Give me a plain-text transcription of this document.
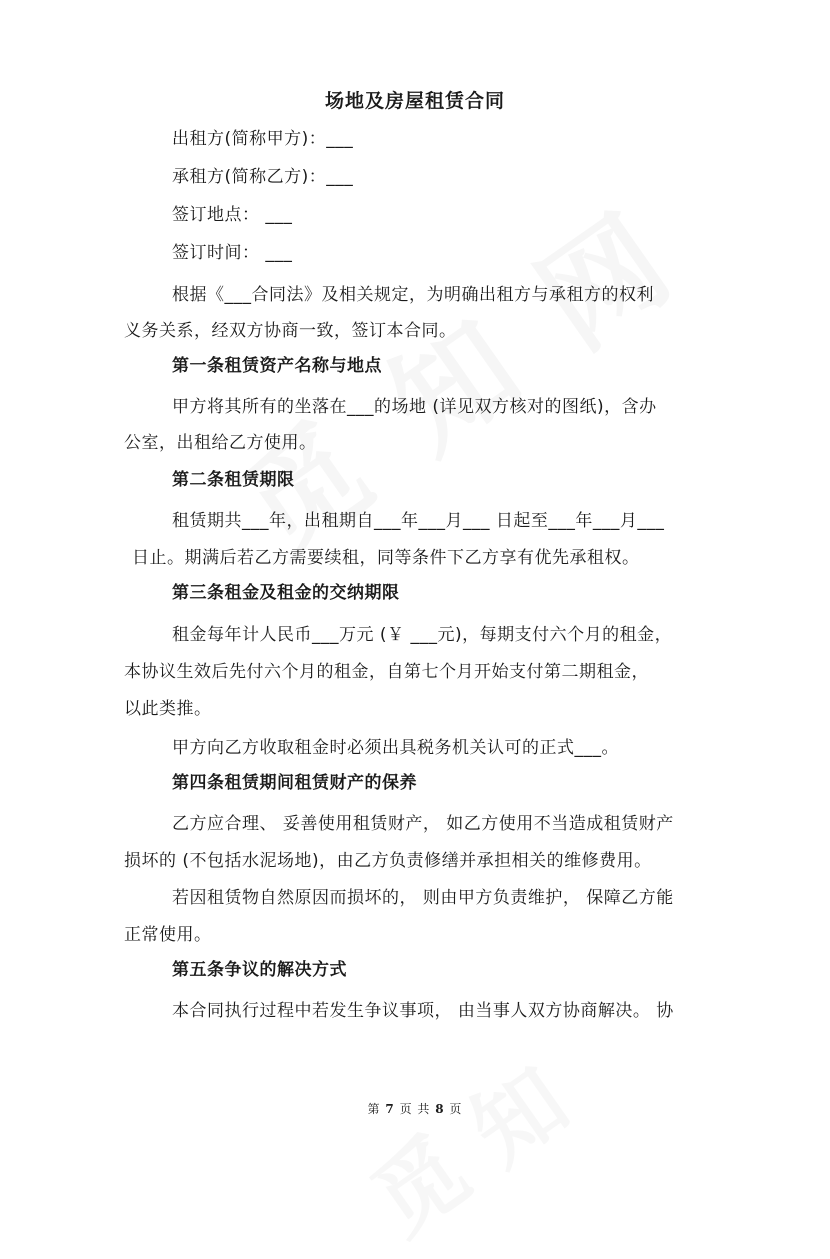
场地及房屋租赁合同
出租方(简称甲方)：___
承租方(简称乙方)：___
签订地点： ___
签订时间： ___
根据《___合同法》及相关规定，为明确出租方与承租方的权利
义务关系，经双方协商一致，签订本合同。
第一条租赁资产名称与地点
甲方将其所有的坐落在___的场地 (详见双方核对的图纸)，含办
公室，出租给乙方使用。
第二条租赁期限
租赁期共___年，出租期自___年___月___ 日起至___年___月___
日止。期满后若乙方需要续租，同等条件下乙方享有优先承租权。
第三条租金及租金的交纳期限
租金每年计人民币___万元 (￥ ___元)，每期支付六个月的租金，
本协议生效后先付六个月的租金，自第七个月开始支付第二期租金，
以此类推。
甲方向乙方收取租金时必须出具税务机关认可的正式___。
第四条租赁期间租赁财产的保养
乙方应合理、 妥善使用租赁财产， 如乙方使用不当造成租赁财产
损坏的 (不包括水泥场地)，由乙方负责修缮并承担相关的维修费用。
若因租赁物自然原因而损坏的， 则由甲方负责维护， 保障乙方能
正常使用。
第五条争议的解决方式
本合同执行过程中若发生争议事项， 由当事人双方协商解决。 协
第 7 页 共 8 页
